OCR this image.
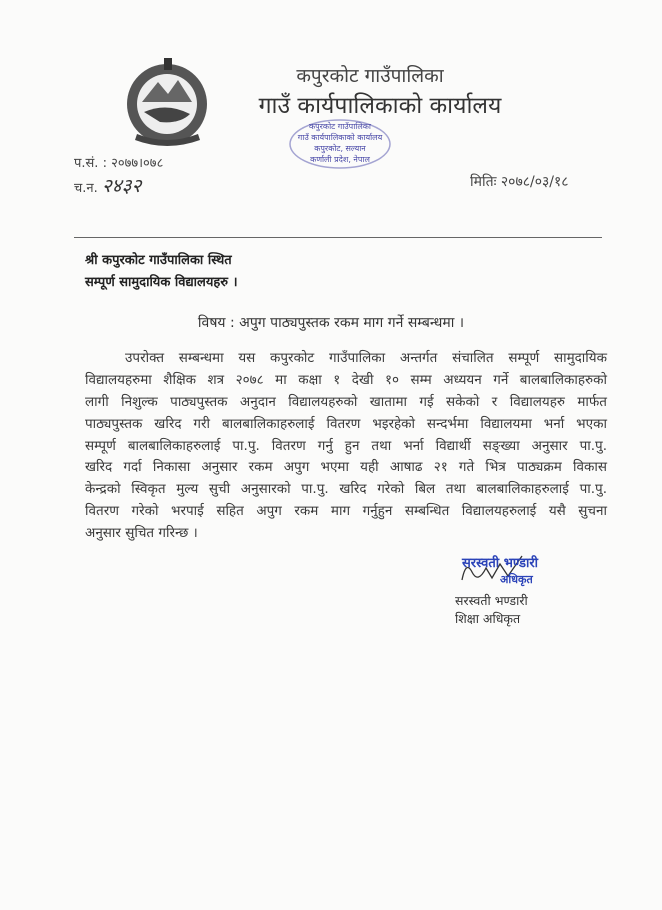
कपुरकोट गाउँपालिका
गाउँ कार्यपालिकाको कार्यालय
कपुरकोट गाउँपालिका
गाउँ कार्यपालिकाको कार्यालय
कपुरकोट, सल्यान
कर्णाली प्रदेश, नेपाल
प.सं. : २०७७।०७८
च.न. २४३२	मितिः २०७८/०३/१८
श्री कपुरकोट गाउँपालिका स्थित
सम्पूर्ण सामुदायिक विद्यालयहरु ।
विषय : अपुग पाठ्यपुस्तक रकम माग गर्ने सम्बन्धमा ।
उपरोक्त सम्बन्धमा यस कपुरकोट गाउँपालिका अन्तर्गत संचालित सम्पूर्ण सामुदायिक
विद्यालयहरुमा शैक्षिक शत्र २०७८ मा कक्षा १ देखी १० सम्म अध्ययन गर्ने बालबालिकाहरुको
लागी निशुल्क पाठ्यपुस्तक अनुदान विद्यालयहरुको खातामा गई सकेको र विद्यालयहरु मार्फत
पाठ्यपुस्तक खरिद गरी बालबालिकाहरुलाई वितरण भइरहेको सन्दर्भमा विद्यालयमा भर्ना भएका
सम्पूर्ण बालबालिकाहरुलाई पा.पु. वितरण गर्नु हुन तथा भर्ना विद्यार्थी सङ्ख्या अनुसार पा.पु.
खरिद गर्दा निकासा अनुसार रकम अपुग भएमा यही आषाढ २१ गते भित्र पाठ्यक्रम विकास
केन्द्रको स्विकृत मुल्य सुची अनुसारको पा.पु. खरिद गरेको बिल तथा बालबालिकाहरुलाई पा.पु.
वितरण गरेको भरपाई सहित अपुग रकम माग गर्नुहुन सम्बन्धित विद्यालयहरुलाई यसै सुचना
अनुसार सुचित गरिन्छ ।
सरस्वती भण्डारी
अधिकृत
सरस्वती भण्डारी
शिक्षा अधिकृत
